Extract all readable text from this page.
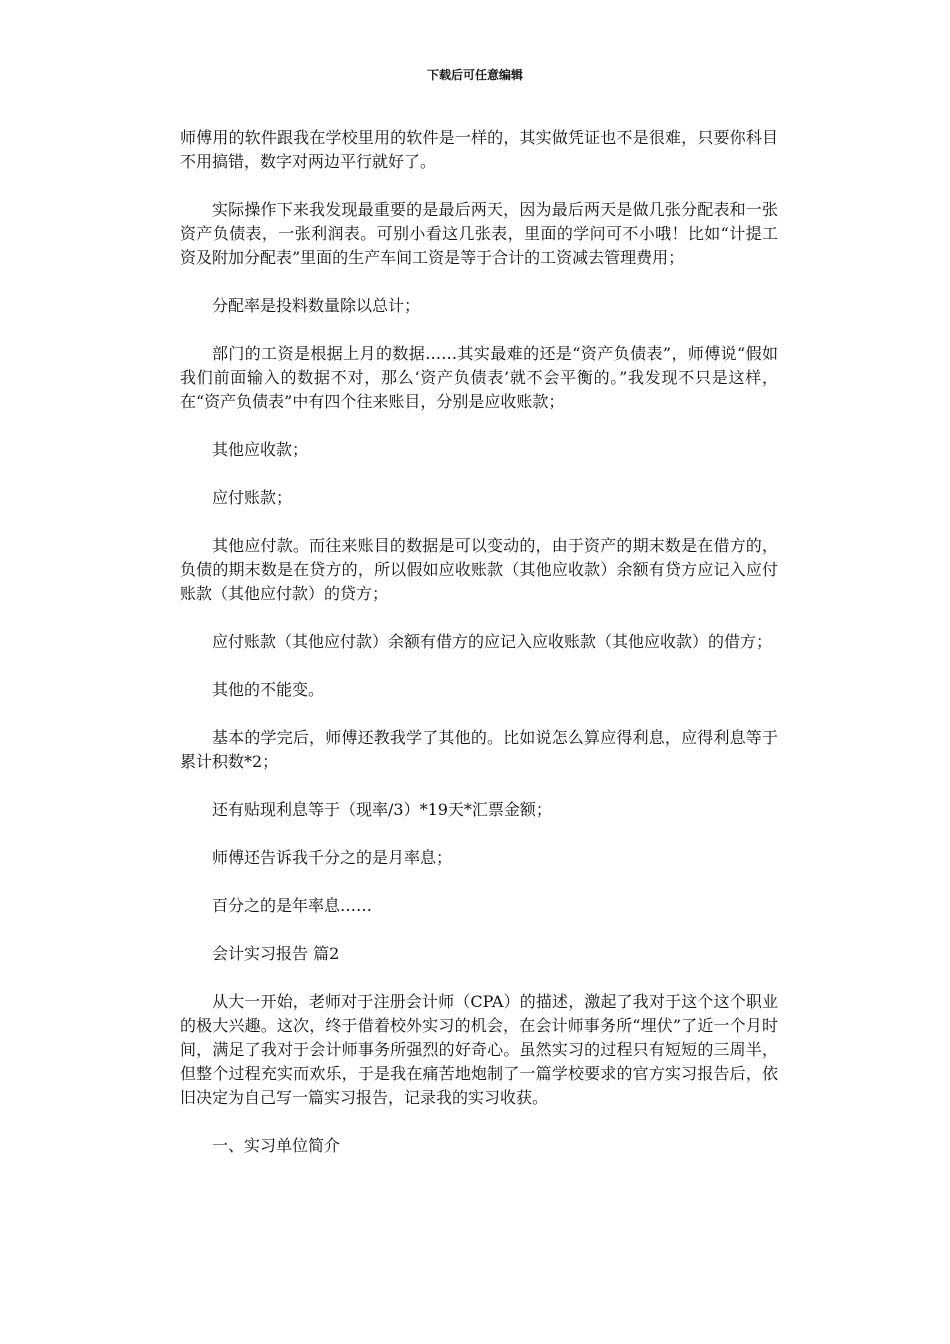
下载后可任意编辑

师傅用的软件跟我在学校里用的软件是一样的，其实做凭证也不是很难，只要你科目不用搞错，数字对两边平行就好了。

实际操作下来我发现最重要的是最后两天，因为最后两天是做几张分配表和一张资产负债表，一张利润表。可别小看这几张表，里面的学问可不小哦！比如“计提工资及附加分配表”里面的生产车间工资是等于合计的工资减去管理费用；

分配率是投料数量除以总计；

部门的工资是根据上月的数据……其实最难的还是“资产负债表”，师傅说“假如我们前面输入的数据不对，那么‘资产负债表’就不会平衡的。”我发现不只是这样，在“资产负债表”中有四个往来账目，分别是应收账款；

其他应收款；

应付账款；

其他应付款。而往来账目的数据是可以变动的，由于资产的期末数是在借方的，负债的期末数是在贷方的，所以假如应收账款（其他应收款）余额有贷方应记入应付账款（其他应付款）的贷方；

应付账款（其他应付款）余额有借方的应记入应收账款（其他应收款）的借方；

其他的不能变。

基本的学完后，师傅还教我学了其他的。比如说怎么算应得利息，应得利息等于累计积数*2；

还有贴现利息等于（现率/3）*19天*汇票金额；

师傅还告诉我千分之的是月率息；

百分之的是年率息……

会计实习报告 篇2

从大一开始，老师对于注册会计师（CPA）的描述，激起了我对于这个这个职业的极大兴趣。这次，终于借着校外实习的机会，在会计师事务所“埋伏”了近一个月时间，满足了我对于会计师事务所强烈的好奇心。虽然实习的过程只有短短的三周半，但整个过程充实而欢乐，于是我在痛苦地炮制了一篇学校要求的官方实习报告后，依旧决定为自己写一篇实习报告，记录我的实习收获。

一、实习单位简介
